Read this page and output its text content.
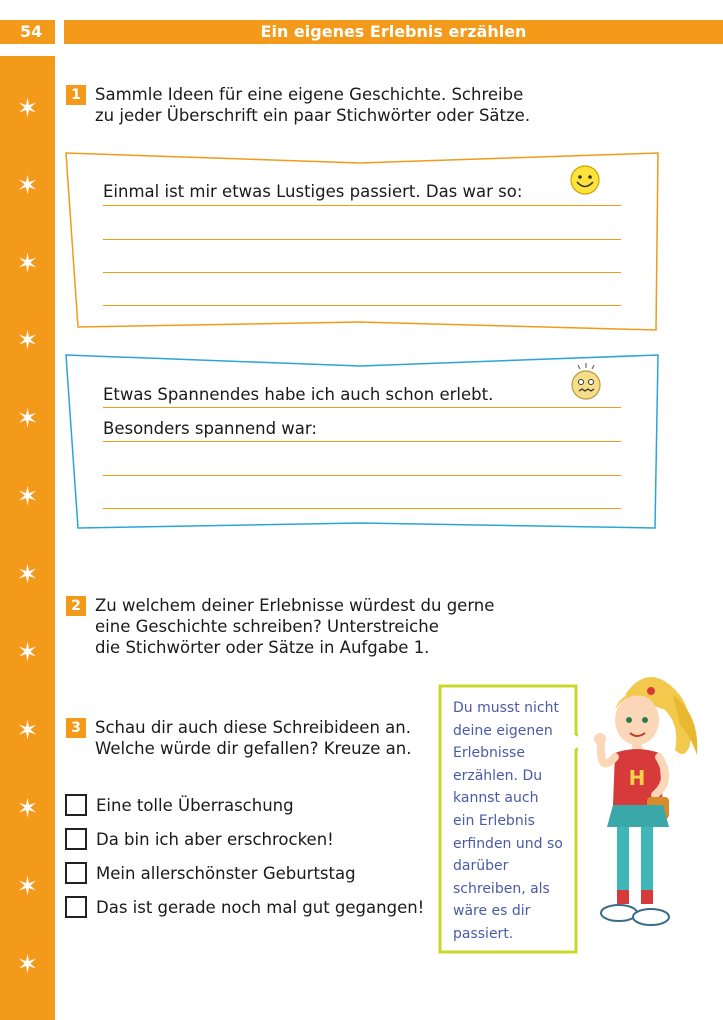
54	Ein eigenes Erlebnis erzählen
✶
✶
✶
✶
✶
✶
✶
✶
✶
✶
✶
✶
1 Sammle Ideen für eine eigene Geschichte. Schreibe
zu jeder Überschrift ein paar Stichwörter oder Sätze.
Einmal ist mir etwas Lustiges passiert. Das war so:
Etwas Spannendes habe ich auch schon erlebt.
Besonders spannend war:
2 Zu welchem deiner Erlebnisse würdest du gerne
eine Geschichte schreiben? Unterstreiche
die Stichwörter oder Sätze in Aufgabe 1.
3 Schau dir auch diese Schreibideen an.
Welche würde dir gefallen? Kreuze an.
Eine tolle Überraschung
Da bin ich aber erschrocken!
Mein allerschönster Geburtstag
Das ist gerade noch mal gut gegangen!
Du musst nicht
deine eigenen
Erlebnisse
erzählen. Du
kannst auch
ein Erlebnis
erfinden und so
darüber
schreiben, als
wäre es dir
passiert.
H
